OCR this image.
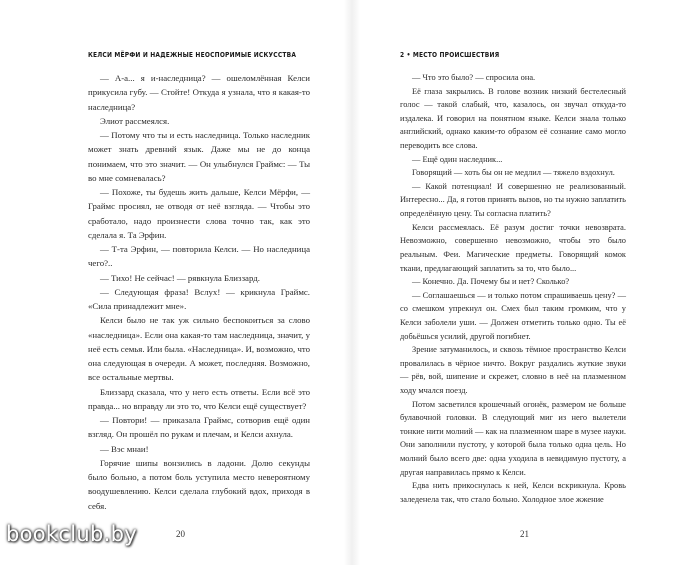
КЕЛСИ МЁРФИ И НАДЕЖНЫЕ НЕОСПОРИМЫЕ ИСКУССТВА

— А-а... я и-наследница? — ошеломлённая Келси прикусила губу. — Стойте! Откуда я узнала, что я какая-то наследница?

Элиот рассмеялся.

— Потому что ты и есть наследница. Только наследник может знать древний язык. Даже мы не до конца понимаем, что это значит. — Он улыбнулся Граймс: — Ты во мне сомневалась?

— Похоже, ты будешь жить дальше, Келси Мёрфи, — Граймс просиял, не отводя от неё взгляда. — Чтобы это сработало, надо произнести слова точно так, как это сделала я. Та Эрфин.

— Т-та Эрфин, — повторила Келси. — Но наследница чего?..

— Тихо! Не сейчас! — рявкнула Близзард.

— Следующая фраза! Вслух! — крикнула Граймс. «Сила принадлежит мне».

Келси было не так уж сильно беспокоиться за слово «наследница». Если она какая-то там наследница, значит, у неё есть семья. Или была. «Наследница». И, возможно, что она следующая в очереди. А может, последняя. Возможно, все остальные мертвы.

Близзард сказала, что у него есть ответы. Если всё это правда... но вправду ли это то, что Келси ещё существует?

— Повтори! — приказала Граймс, сотворив ещё один взгляд. Он прошёл по рукам и плечам, и Келси ахнула.

— Вэс мнаи!

Горячие шипы вонзились в ладони. Долю секунды было больно, а потом боль уступила место невероятному воодушевлению. Келси сделала глубокий вдох, приходя в себя.

20
2 • МЕСТО ПРОИСШЕСТВИЯ

— Что это было? — спросила она.

Её глаза закрылись. В голове возник низкий бестелесный голос — такой слабый, что, казалось, он звучал откуда-то издалека. И говорил на понятном языке. Келси знала только английский, однако каким-то образом её сознание само могло переводить все слова.

— Ещё один наследник...

Говорящий — хоть бы он не медлил — тяжело вздохнул.

— Какой потенциал! И совершенно не реализованный. Интересно... Да, я готов принять вызов, но ты нужно заплатить определённую цену. Ты согласна платить?

Келси рассмеялась. Её разум достиг точки невозврата. Невозможно, совершенно невозможно, чтобы это было реальным. Феи. Магические предметы. Говорящий комок ткани, предлагающий заплатить за то, что было...

— Конечно. Да. Почему бы и нет? Сколько?

— Соглашаешься — и только потом спрашиваешь цену? — со смешком упрекнул он. Смех был таким громким, что у Келси заболели уши. — Должен отметить только одно. Ты её добьёшься усилий, другой погибнет.

Зрение затуманилось, и сквозь тёмное пространство Келси провалилась в чёрное ничто. Вокруг раздались жуткие звуки — рёв, вой, шипение и скрежет, словно в неё на плазменном ходу мчался поезд.

Потом засветился крошечный огонёк, размером не больше булавочной головки. В следующий миг из него вылетели тонкие нити молний — как на плазменном шаре в музее науки. Они заполнили пустоту, у которой была только одна цель. Но молний было всего две: одна уходила в невидимую пустоту, а другая направилась прямо к Келси.

Едва нить прикоснулась к ней, Келси вскрикнула. Кровь заледенела так, что стало больно. Холодное злое жжение

21
bookclub.by
